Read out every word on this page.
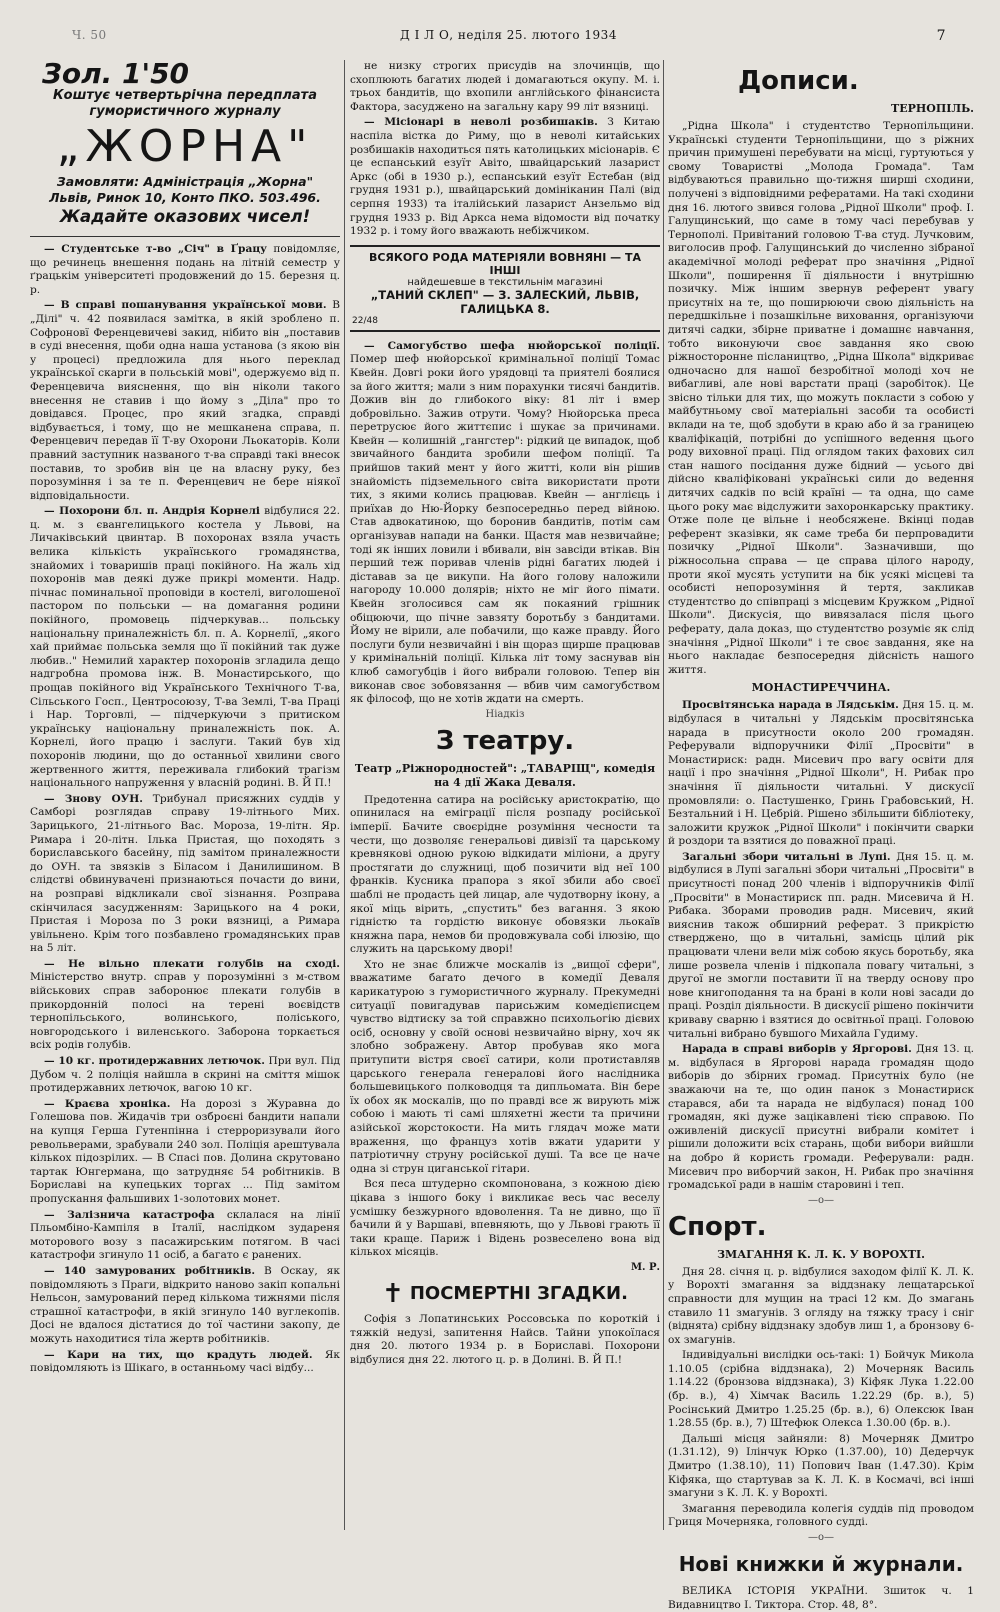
Ч. 50	Д І Л О, неділя 25. лютого 1934	7
Зол. 1'50
Коштує четвертьрічна передплата
гумористичного журналу
„ЖОРНА"
Замовляти: Адміністрація „Жорна"
Львів, Ринок 10, Конто ПКО. 503.496.
Жадайте оказових чисел!

— Студентське т-во „Січ" в Ґрацу повідомляє, що речинець внешення подань на літній семестр у ґрацькім університеті продовжений до 15. березня ц. р.

— В справі пошанування української мови. В „Ділі" ч. 42 появилася замітка, в якій зроблено п. Софроновї Ференцевичеві закид, нібито він „поставив в суді внесення, щоби одна наша установа (з якою він у процесі) предложила для нього переклад української скарги в польській мові", одержуємо від п. Ференцевича вияснення, що він ніколи такого внесення не ставив і що йому з „Діла" про то довідався. Процес, про який згадка, справді відбувається, і тому, що не мешканена справа, п. Ференцевич передав її Т-ву Охорони Льокаторів. Коли правний заступник названого т-ва справді такі внесок поставив, то зробив він це на власну руку, без порозуміння і за те п. Ференцевич не бере ніякої відповідальности.

— Похорони бл. п. Андрія Корнелі відбулися 22. ц. м. з євангелицького костела у Львові, на Личаківський цвинтар. В похоронах взяла участь велика кількість українського громадянства, знайомих і товаришів праці покійного. На жаль хід похоронів мав деякі дуже прикрі моменти. Надр. пічнас поминальної проповіди в костелі, виголошеної пастором по польськи — на домагання родини покійного, промовець підчеркував... польську національну приналежність бл. п. А. Корнелії, „якого хай приймає польська земля що її покійний так дуже любив.." Немилий характер похоронів згладила дещо надгробна промова інж. В. Монастирського, що прощав покійного від Українського Технічного Т-ва, Сільського Госп., Центросоюзу, Т-ва Землі, Т-ва Праці і Нар. Торговлі, — підчеркуючи з притиском українську національну приналежність пок. А. Корнелі, його працю і заслуги. Такий був хід похоронів людини, що до останньої хвилини свого жертвенного життя, переживала глибокий трагізм національного напруження у власній родині. В. Й П.!

— Знову ОУН. Трибунал присяжних суддів у Самборі розглядав справу 19-літнього Мих. Зарицького, 21-літнього Вас. Мороза, 19-літн. Яр. Римара і 20-літн. Ількa Пристая, що походять з бориславського басейну, під замітом приналежности до ОУН. та звязків з Біласом і Данилишином. В слідстві обвинувачені признаються почасти до вини, на розправі відкликали свої зізнання. Розправа скінчилася засудженням: Зарицького на 4 роки, Пристая і Мороза по 3 роки вязниці, а Римара увільнено. Крім того позбавлено громадянських прав на 5 літ.

— Не вільно плекати голубів на сході. Міністерство внутр. справ у порозумінні з м-ством військових справ заборонює плекати голубів в прикордонній полосі на терені воєвідств тернопільського, волинського, поліського, новгородського і виленського. Заборона торкається всіх родів голубів.

— 10 кг. протидержавних летючок. При вул. Під Дубом ч. 2 поліція найшла в скрині на сміття мішок протидержавних летючок, вагою 10 кг.

— Краєва хроніка. На дорозі з Журавна до Голешова пов. Жидачів три озброєні бандити напали на купця Герша Гутенпінна і стерроризували його револьверами, зрабували 240 зол. Поліція арештувала кількох підозрілих. — В Спасі пов. Долина скрутовано тартак Юнгермана, що затрудняє 54 робітників. В Бориславі на купецьких торгах ... Під замітом пропускання фальшивих 1-золотових монет.

— Залізнича катастрофа склалася на лінії Пльомбіно-Кампіля в Італії, наслідком зудареня моторового возу з пасажирським потягом. В часі катастрофи згинуло 11 осіб, а багато є ранених.

— 140 замурованих робітників. В Оскау, як повідомляють з Праги, відкрито наново закіп копальні Нельсон, замурований перед кількома тижнями після страшної катастрофи, в якій згинуло 140 вуглекопів. Досі не вдалося дістатися до тої частини закопу, де можуть находитися тіла жертв робітників.

— Кари на тих, що крадуть людей. Як повідомляють із Шікаго, в останньому часі відбу...

не низку строгих присудів на злочинців, що схоплюють багатих людей і домагаються окупу. М. і. трьох бандитів, що вхопили англійського фінансиста Фактора, засуджено на загальну кару 99 літ вязниці.

— Місіонарі в неволі розбишаків. З Китаю наспіла вістка до Риму, що в неволі китайських розбишаків находиться пять католицьких місіонарів. Є це еспанський езуїт Авіто, швайцарський лазарист Аркс (обі в 1930 р.), еспанський езуїт Естебан (від грудня 1931 р.), швайцарський домініканин Палі (від серпня 1933) та італійський лазарист Анзельмо від грудня 1933 р. Від Аркса нема відомости від початку 1932 р. і тому його вважають небіжчиком.

ВСЯКОГО РОДА МАТЕРІЯЛИ ВОВНЯНІ — ТА ІНШІ
найдешевше в текстильнім магазині
„ТАНИЙ СКЛЕП" — З. ЗАЛЕСКИЙ, ЛЬВІВ,
ГАЛИЦЬКА 8.
22/48

— Самогубство шефа нюйорської поліції. Помер шеф нюйорської кримінальної поліції Томас Квейн. Довгі роки його урядовці та приятелі боялися за його життя; мали з ним порахунки тисячі бандитів. Дожив він до глибокого віку: 81 літ і вмер добровільно. Зажив отрути. Чому? Нюйорська преса перетрусює його життєпис і шукає за причинами. Квейн — колишній „гангстер": рідкий це випадок, щоб звичайного бандита зробили шефом поліції. Та прийшов такий мент у його житті, коли він рішив знайомість підземельного світа використати проти тих, з якими колись працював. Квейн — англієць і приїхав до Ню-Йорку безпосередньо перед війною. Став адвокатиною, що боронив бандитів, потім сам організував напади на банки. Щастя мав незвичайне; тоді як інших ловили і вбивали, він завсіди втікав. Він перший теж поривав членів рідні багатих людей і діставав за це викупи. На його голову наложили нагороду 10.000 долярів; ніхто не міг його пімати. Квейн зголосився сам як покаяний грішник обіцюючи, що пічне завзяту боротьбу з бандитами. Йому не вірили, але побачили, що каже правду. Його послуги були незвичайні і він щораз щирше працював у кримінальній поліції. Кілька літ тому заснував він клюб самогубців і його вибрали головою. Тепер він виконав своє зобовязання — вбив чим самогубством як філософ, що не хотів ждати на смерть.

Ніадкіз
З театру.
Театр „Ріжнородностей": „ТАВАРІЩ", комедія на 4 дії Жака Деваля.

Предотенна сатира на російську аристократію, що опинилася на еміграції після розпаду російської імперії. Бачите своєрідне розуміння чесности та чести, що дозволяє генеральові дивізії та царському кревнякові одною рукою відкидати міліони, а другу простягати до служниці, щоб позичити від неї 100 франків. Кусника прапора з якої збили або своєї шаблі не продасть цей лицар, але чудотворну ікону, а якої міць вірить, „спустить" без вагання. З якою гідністю та гордістю виконує обовязки льокаїв княжна пара, немов би продовжувала собі ілюзію, що служить на царському дворі!

Хто не знає ближче москалів із „вищої сфери", вважатиме багато дечого в комедії Деваля карикатурою з гумористичного журналу. Прекумедні ситуації повигадував парисьжим комедієписцем чувство відтиску за той справжно психольогію дієвих осіб, основну у своїй основі незвичайно вірну, хоч як злобно зображену. Автор пробував яко мога притупити вістря своєї сатири, коли протиставляв царського генерала генералові його наслідника большевицького полководця та дипльомата. Він бере їх обох як москалів, що по правді все ж вирують між собою і мають ті самі шляхетні жести та причини азійської жорстокости. На мить глядач може мати враження, що француз хотів вжати ударити у патріотичну струну російської душі. Та все це наче одна зі струн циганської гітари.

Вся песа штудерно скомпонована, з кожною дією цікава з іншого боку і викликає весь час веселу усмішку безжурного вдоволення. Та не дивно, що її бачили й у Варшаві, впевняють, що у Львові грають її таки краще. Париж і Відень розвеселено вона від кількох місяців.

М. Р.
✝ ПОСМЕРТНІ ЗГАДКИ.

Софія з Лопатинських Россовська по короткій і тяжкій недузі, запитення Найсв. Тайни упокоїлася дня 20. лютого 1934 р. в Бориславі. Похорони відбулися дня 22. лютого ц. р. в Долині. В. Й П.!

Дописи.
ТЕРНОПІЛЬ.

„Рідна Школа" і студентство Тернопільщини. Українські студенти Тернопільщини, що з ріжних причин примушені перебувати на місці, гуртуються у свому Товаристві „Молода Громада". Там відбуваються правильно що-тижня ширші сходини, получені з відповідними рефератами. На такі сходини дня 16. лютого звився голова „Рідної Школи" проф. І. Галущинський, що саме в тому часі перебував у Тернополі. Привітаний головою Т-ва студ. Лучковим, виголосив проф. Галущинський до численно зібраної академічної молоді реферат про значіння „Рідної Школи", поширення її діяльности і внутрішню позичку. Між іншим звернув референт увагу присутніх на те, що поширюючи свою діяльність на передшкільне і позашкільне виховання, організуючи дитячі садки, збірне приватне і домашнє навчання, тобто виконуючи своє завдання яко свою ріжносторонне післаництво, „Рідна Школа" відкриває одночасно для нашої безробітної молоді хоч не вибагливі, але нові варстати праці (заробіток). Це звісно тільки для тих, що можуть покласти з собою у майбутньому свої матеріальні засоби та особисті вклади на те, щоб здобути в краю або й за границею кваліфікацій, потрібні до успішного ведення цього роду виховної праці. Під оглядом таких фахових сил стан нашого посідання дуже бідний — усього дві дійсно кваліфіковані українські сили до ведення дитячих садків по всій країні — та одна, що саме цього року має відслужити захоронкарську практику. Отже поле це вільне і необсяжене. Вкінці подав референт зказівки, як саме треба би перпровадити позичку „Рідної Школи". Зазначивши, що ріжносольна справа — це справа цілого народу, проти якої мусять уступити на бік усякі місцеві та особисті непорозуміння й тертя, закликав студентство до співпраці з місцевим Кружком „Рідної Школи". Дискусія, що вивязалася після цього реферату, дала доказ, що студентство розуміє як слід значіння „Рідної Школи" і те своє завдання, яке на нього накладає безпосередня дійсність нашого життя.

МОНАСТИРЕЧЧИНА.

Просвітянська нарада в Лядськім. Дня 15. ц. м. відбулася в читальні у Лядськім просвітянська нарада в присутности около 200 громадян. Реферували відпоручники Філії „Просвіти" в Монастириск: радн. Мисевич про вагу освіти для нації і про значіння „Рідної Школи", Н. Рибак про значіння її діяльности читальні. У дискусії промовляли: о. Пастушенко, Гринь Грабовський, Н. Безтальний і Н. Цебрій. Рішено збільшити бібліотеку, заложити кружок „Рідної Школи" і покінчити сварки й роздори та взятися до поважної праці.

Загальні збори читальні в Лупі. Дня 15. ц. м. відбулися в Лупі загальні збори читальні „Просвіти" в присутності понад 200 членів і відпоручників Філії „Просвіти" в Монастириск пп. радн. Мисевича й Н. Рибака. Зборами проводив радн. Мисевич, який вияснив також обширний реферат. З прикрістю стверджено, що в читальні, замісць цілий рік працювати члени вели між собою якусь боротьбу, яка лише розвела членів і підкопала повагу читальні, з другої не змогли поставити її на тверду основу про нове книгоподання та на брані в коли нові засади до праці. Розділ діяльности. В дискусії рішено покінчити криваву сварню і взятися до освітньої праці. Головою читальні вибрано бувшого Михайла Гудиму.

Нарада в справі виборів у Яргорові. Дня 13. ц. м. відбулася в Яргорові нарада громадян щодо виборів до збірних громад. Присутніх було (не зважаючи на те, що один панок з Монастириск старався, аби та нарада не відбулася) понад 100 громадян, які дуже зацікавлені тією справою. По оживленій дискусії присутні вибрали комітет і рішили доложити всіх старань, щоби вибори вийшли на добро й користь громади. Реферували: радн. Мисевич про виборчий закон, Н. Рибак про значіння громадської ради в нашім старовині і теп.

—o—
Спорт.
ЗМАГАННЯ К. Л. К. У ВОРОХТІ.

Дня 28. січня ц. р. відбулися заходом філії К. Л. К. у Ворохті змагання за віддзнаку лещатарської справности для мущин на трасі 12 км. До змагань ставило 11 змагунів. З огляду на тяжку трасу і сніг (віднята) срібну віддзнаку здобув лиш 1, а бронзову 6-ох змагунів.

Індивідуальні вислідки ось-такі: 1) Бойчук Микола 1.10.05 (срібна віддзнака), 2) Мочерняк Василь 1.14.22 (бронзова віддзнака), 3) Кіфяк Лука 1.22.00 (бр. в.), 4) Хімчак Василь 1.22.29 (бр. в.), 5) Росінський Дмитро 1.25.25 (бр. в.), 6) Олексюк Іван 1.28.55 (бр. в.), 7) Штефюк Олекса 1.30.00 (бр. в.).

Дальші місця зайняли: 8) Мочерняк Дмитро (1.31.12), 9) Ілінчук Юрко (1.37.00), 10) Дедерчук Дмитро (1.38.10), 11) Попович Іван (1.47.30). Крім Кіфяка, що стартував за К. Л. К. в Космачі, всі інші змагуни з К. Л. К. у Ворохті.

Змагання переводила колегія суддів під проводом Гриця Мочерняка, головного судді.

—o—
Нові книжки й журнали.

ВЕЛИКА ІСТОРІЯ УКРАЇНИ. Зшиток ч. 1 Видавництво І. Тикторa. Стор. 48, 8°.
